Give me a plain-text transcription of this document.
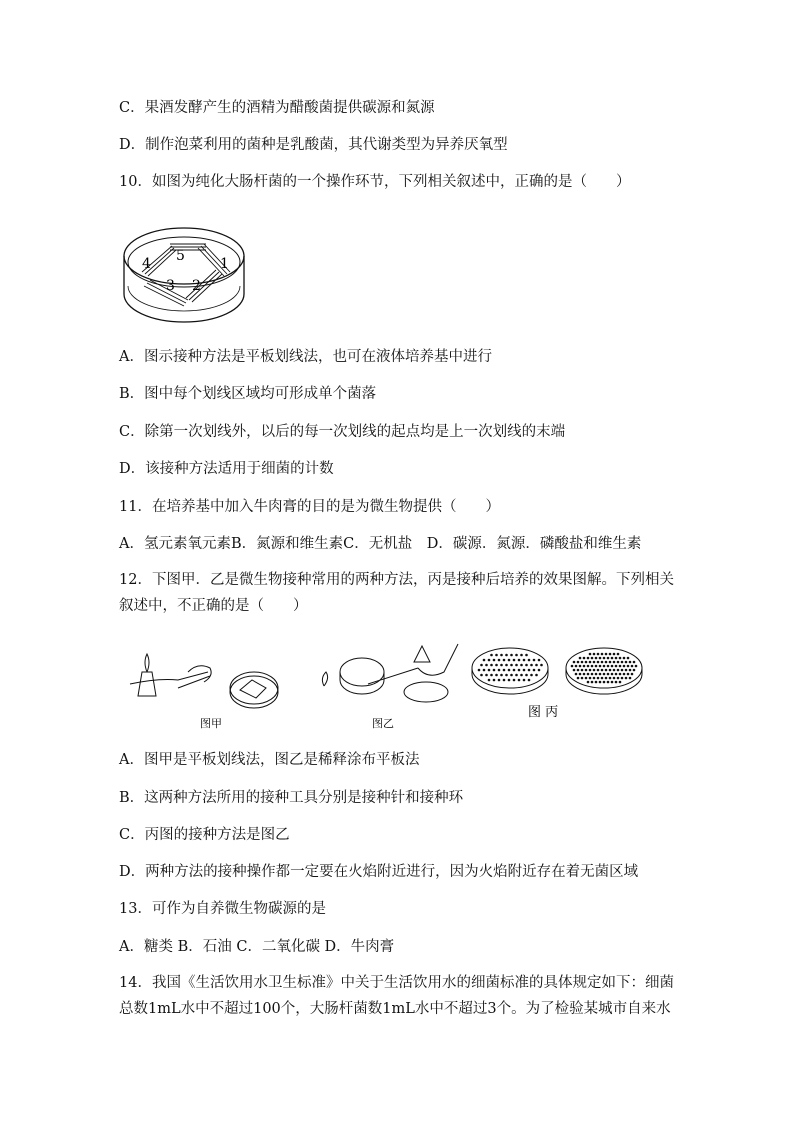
C．果酒发酵产生的酒精为醋酸菌提供碳源和氮源
D．制作泡菜利用的菌种是乳酸菌，其代谢类型为异养厌氧型
10．如图为纯化大肠杆菌的一个操作环节，下列相关叙述中，正确的是（　　）
1
2
3
4 5
A．图示接种方法是平板划线法，也可在液体培养基中进行
B．图中每个划线区域均可形成单个菌落
C．除第一次划线外，以后的每一次划线的起点均是上一次划线的末端
D．该接种方法适用于细菌的计数
11．在培养基中加入牛肉膏的目的是为微生物提供（　　）
A．氢元素氧元素B．氮源和维生素C．无机盐　D．碳源．氮源．磷酸盐和维生素
12．下图甲．乙是微生物接种常用的两种方法，丙是接种后培养的效果图解。下列相关叙述中，不正确的是（　　）
图甲	图乙
图 丙
A．图甲是平板划线法，图乙是稀释涂布平板法
B．这两种方法所用的接种工具分别是接种针和接种环
C．丙图的接种方法是图乙
D．两种方法的接种操作都一定要在火焰附近进行，因为火焰附近存在着无菌区域
13．可作为自养微生物碳源的是
A．糖类 B．石油 C．二氧化碳 D．牛肉膏
14．我国《生活饮用水卫生标准》中关于生活饮用水的细菌标准的具体规定如下：细菌总数1mL水中不超过100个，大肠杆菌数1mL水中不超过3个。为了检验某城市自来水
